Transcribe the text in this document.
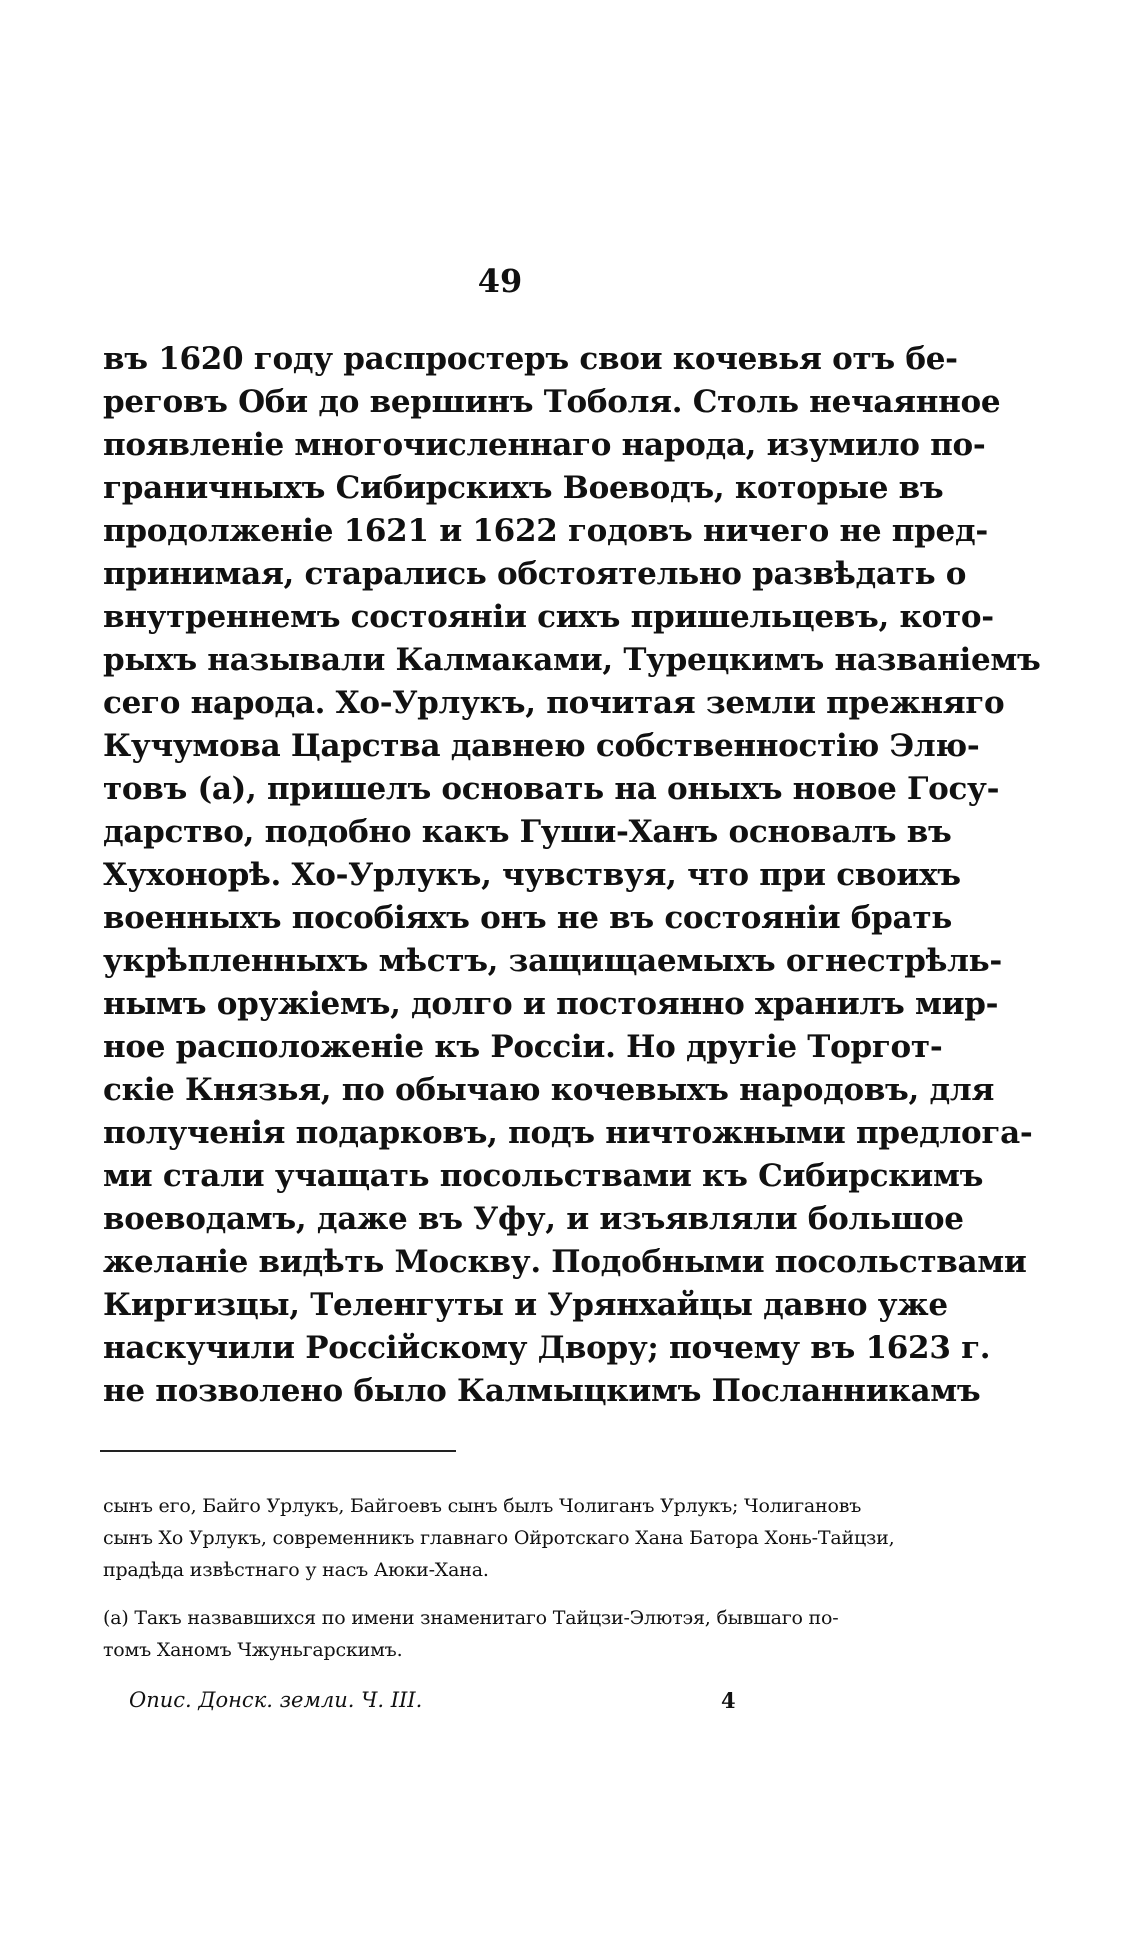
49
въ 1620 году распростеръ свои кочевья отъ бе-
реговъ Оби до вершинъ Тоболя. Столь нечаянное
появленіе многочисленнаго народа, изумило по-
граничныхъ Сибирскихъ Воеводъ, которые въ
продолженіе 1621 и 1622 годовъ ничего не пред-
принимая, старались обстоятельно развѣдать о
внутреннемъ состояніи сихъ пришельцевъ, кото-
рыхъ называли Калмаками, Турецкимъ названіемъ
сего народа. Хо-Урлукъ, почитая земли прежняго
Кучумова Царства давнею собственностію Элю-
товъ (а), пришелъ основать на оныхъ новое Госу-
дарство, подобно какъ Гуши-Ханъ основалъ въ
Хухонорѣ. Хо-Урлукъ, чувствуя, что при своихъ
военныхъ пособіяхъ онъ не въ состояніи брать
укрѣпленныхъ мѣстъ, защищаемыхъ огнестрѣль-
нымъ оружіемъ, долго и постоянно хранилъ мир-
ное расположеніе къ Россіи. Но другіе Торгот-
скіе Князья, по обычаю кочевыхъ народовъ, для
полученія подарковъ, подъ ничтожными предлога-
ми стали учащать посольствами къ Сибирскимъ
воеводамъ, даже въ Уфу, и изъявляли большое
желаніе видѣть Москву. Подобными посольствами
Киргизцы, Теленгуты и Урянхайцы давно уже
наскучили Россійскому Двору; почему въ 1623 г.
не позволено было Калмыцкимъ Посланникамъ
сынъ его, Байго Урлукъ, Байгоевъ сынъ былъ Чолиганъ Урлукъ; Чолигановъ
сынъ Хо Урлукъ, современникъ главнаго Ойротскаго Хана Батора Хонь-Тайцзи,
прадѣда извѣстнаго у насъ Аюки-Хана.
(а) Такъ назвавшихся по имени знаменитаго Тайцзи-Элютэя, бывшаго по-
томъ Ханомъ Чжуньгарскимъ.
Опис. Донск. земли. Ч. III.	4
